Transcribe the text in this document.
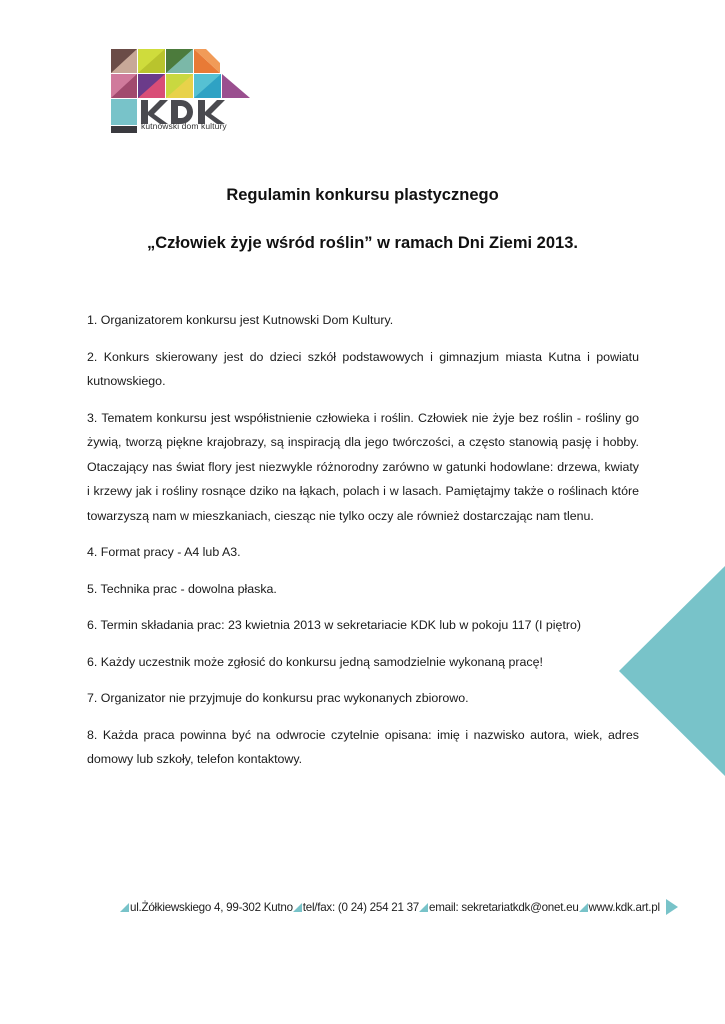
kutnowski dom kultury
Regulamin konkursu plastycznego
„Człowiek żyje wśród roślin” w ramach Dni Ziemi 2013.

1. Organizatorem konkursu jest Kutnowski Dom Kultury.

2. Konkurs skierowany jest do dzieci szkół podstawowych i gimnazjum miasta Kutna i powiatu kutnowskiego.

3. Tematem konkursu jest współistnienie człowieka i roślin. Człowiek nie żyje bez roślin - rośliny go żywią, tworzą piękne krajobrazy, są inspiracją dla jego twórczości, a często stanowią pasję i hobby. Otaczający nas świat flory jest niezwykle różnorodny zarówno w gatunki hodowlane: drzewa, kwiaty i krzewy jak i rośliny rosnące dziko na łąkach, polach i w lasach. Pamiętajmy także o roślinach które towarzyszą nam w mieszkaniach, ciesząc nie tylko oczy ale również dostarczając nam tlenu.

4. Format pracy - A4 lub A3.

5. Technika prac - dowolna płaska.

6. Termin składania prac: 23 kwietnia 2013 w sekretariacie KDK lub w pokoju 117 (I piętro)

6. Każdy uczestnik może zgłosić do konkursu jedną samodzielnie wykonaną pracę!

7. Organizator nie przyjmuje do konkursu prac wykonanych zbiorowo.

8. Każda praca powinna być na odwrocie czytelnie opisana: imię i nazwisko autora, wiek, adres domowy lub szkoły, telefon kontaktowy.

ul.Żółkiewskiego 4, 99-302 Kutno tel/fax: (0 24) 254 21 37 email: sekretariatkdk@onet.eu www.kdk.art.pl
